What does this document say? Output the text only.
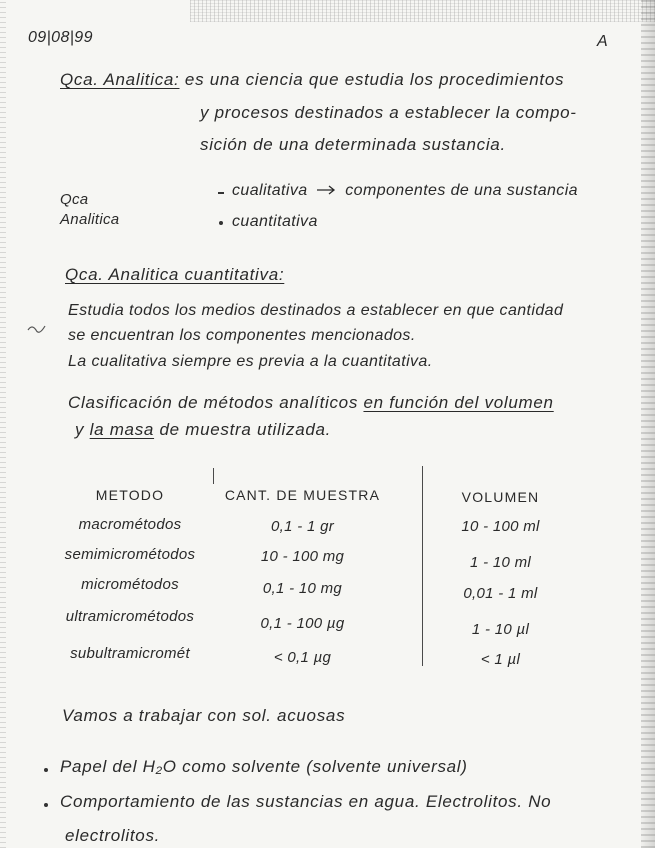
09|08|99	A
Qca. Analitica: es una ciencia que estudia los procedimientos
y procesos destinados a establecer la compo-
sición de una determinada sustancia.
Qca
Analitica
cualitativa componentes de una sustancia
cuantitativa
Qca. Analitica cuantitativa:
Estudia todos los medios destinados a establecer en que cantidad
se encuentran los componentes mencionados.
La cualitativa siempre es previa a la cuantitativa.
Clasificación de métodos analíticos en función del volumen
y la masa de muestra utilizada.
METODO	CANT. DE MUESTRA	VOLUMEN
macrométodos	0,1 - 1 gr	10 - 100 ml
semimicrométodos	10 - 100 mg	1 - 10 ml
micrométodos	0,1 - 10 mg	0,01 - 1 ml
ultramicrométodos	0,1 - 100 µg	1 - 10 µl
subultramicromét	< 0,1 µg	< 1 µl
Vamos a trabajar con sol. acuosas
Papel del H₂O como solvente (solvente universal)
Comportamiento de las sustancias en agua. Electrolitos. No
electrolitos.
